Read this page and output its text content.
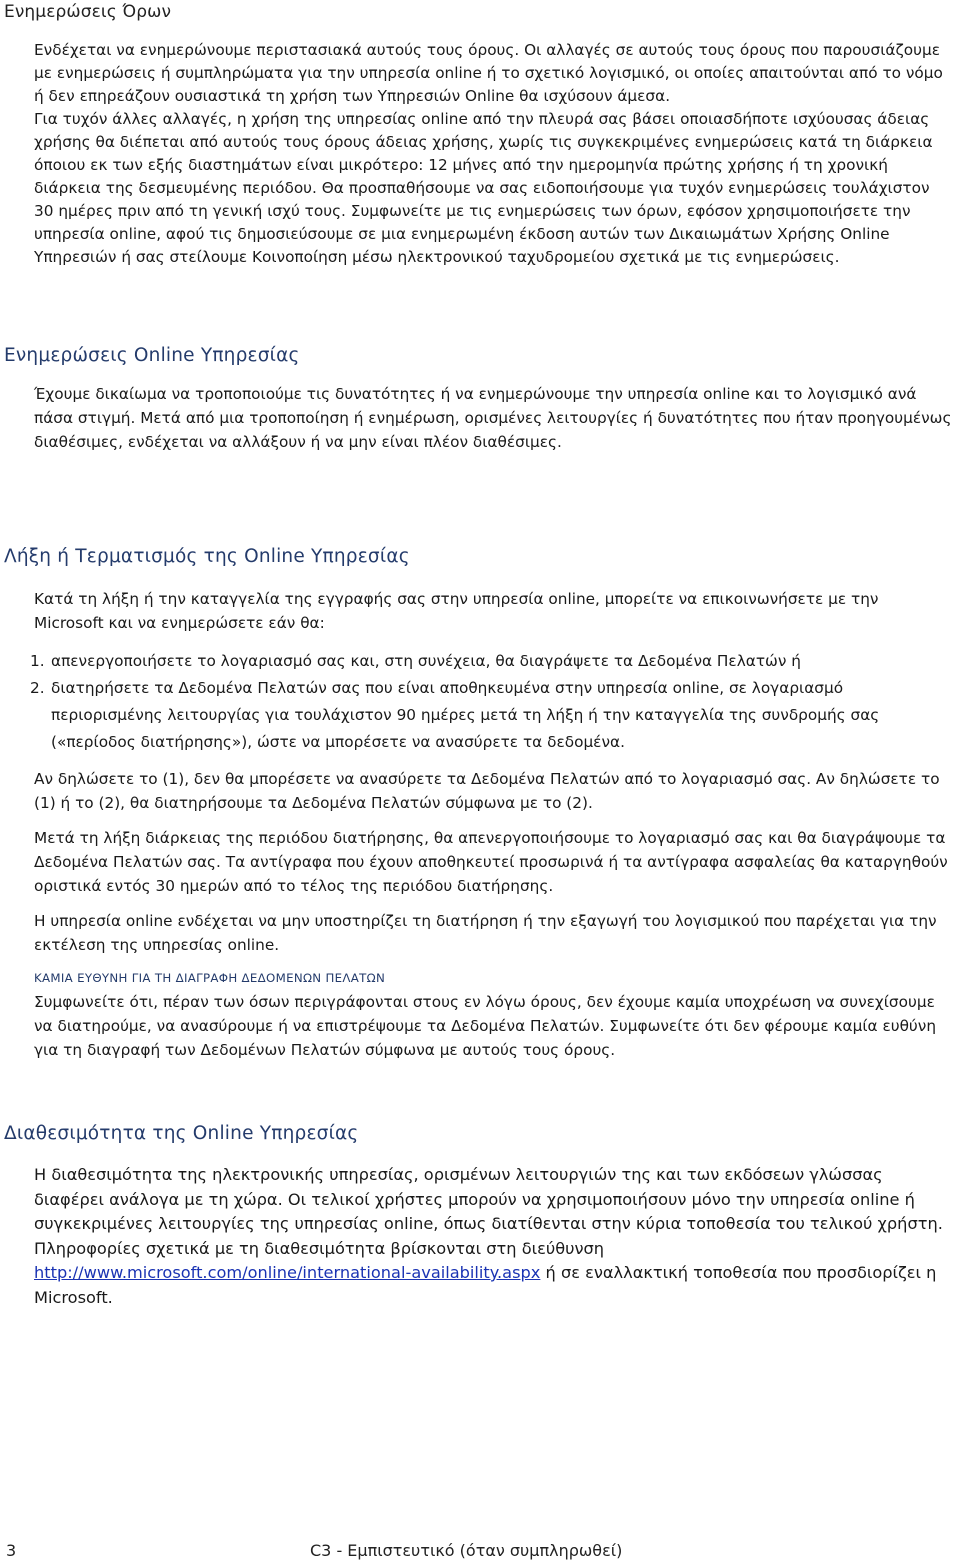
Ενημερώσεις Όρων

Ενδέχεται να ενημερώνουμε περιστασιακά αυτούς τους όρους. Οι αλλαγές σε αυτούς τους όρους που παρουσιάζουμε με ενημερώσεις ή συμπληρώματα για την υπηρεσία online ή το σχετικό λογισμικό, οι οποίες απαιτούνται από το νόμο ή δεν επηρεάζουν ουσιαστικά τη χρήση των Υπηρεσιών Online θα ισχύσουν άμεσα.

Για τυχόν άλλες αλλαγές, η χρήση της υπηρεσίας online από την πλευρά σας βάσει οποιασδήποτε ισχύουσας άδειας χρήσης θα διέπεται από αυτούς τους όρους άδειας χρήσης, χωρίς τις συγκεκριμένες ενημερώσεις κατά τη διάρκεια όποιου εκ των εξής διαστημάτων είναι μικρότερο: 12 μήνες από την ημερομηνία πρώτης χρήσης ή τη χρονική διάρκεια της δεσμευμένης περιόδου. Θα προσπαθήσουμε να σας ειδοποιήσουμε για τυχόν ενημερώσεις τουλάχιστον 30 ημέρες πριν από τη γενική ισχύ τους. Συμφωνείτε με τις ενημερώσεις των όρων, εφόσον χρησιμοποιήσετε την υπηρεσία online, αφού τις δημοσιεύσουμε σε μια ενημερωμένη έκδοση αυτών των Δικαιωμάτων Χρήσης Online Υπηρεσιών ή σας στείλουμε Κοινοποίηση μέσω ηλεκτρονικού ταχυδρομείου σχετικά με τις ενημερώσεις.

Ενημερώσεις Online Υπηρεσίας

Έχουμε δικαίωμα να τροποποιούμε τις δυνατότητες ή να ενημερώνουμε την υπηρεσία online και το λογισμικό ανά πάσα στιγμή. Μετά από μια τροποποίηση ή ενημέρωση, ορισμένες λειτουργίες ή δυνατότητες που ήταν προηγουμένως διαθέσιμες, ενδέχεται να αλλάξουν ή να μην είναι πλέον διαθέσιμες.

Λήξη ή Τερματισμός της Online Υπηρεσίας

Κατά τη λήξη ή την καταγγελία της εγγραφής σας στην υπηρεσία online, μπορείτε να επικοινωνήσετε με την Microsoft και να ενημερώσετε εάν θα:

1. απενεργοποιήσετε το λογαριασμό σας και, στη συνέχεια, θα διαγράψετε τα Δεδομένα Πελατών ή
2. διατηρήσετε τα Δεδομένα Πελατών σας που είναι αποθηκευμένα στην υπηρεσία online, σε λογαριασμό περιορισμένης λειτουργίας για τουλάχιστον 90 ημέρες μετά τη λήξη ή την καταγγελία της συνδρομής σας («περίοδος διατήρησης»), ώστε να μπορέσετε να ανασύρετε τα δεδομένα.

Αν δηλώσετε το (1), δεν θα μπορέσετε να ανασύρετε τα Δεδομένα Πελατών από το λογαριασμό σας. Αν δηλώσετε το (1) ή το (2), θα διατηρήσουμε τα Δεδομένα Πελατών σύμφωνα με το (2).

Μετά τη λήξη διάρκειας της περιόδου διατήρησης, θα απενεργοποιήσουμε το λογαριασμό σας και θα διαγράψουμε τα Δεδομένα Πελατών σας. Τα αντίγραφα που έχουν αποθηκευτεί προσωρινά ή τα αντίγραφα ασφαλείας θα καταργηθούν οριστικά εντός 30 ημερών από το τέλος της περιόδου διατήρησης.

Η υπηρεσία online ενδέχεται να μην υποστηρίζει τη διατήρηση ή την εξαγωγή του λογισμικού που παρέχεται για την εκτέλεση της υπηρεσίας online.

ΚΑΜΙΑ ΕΥΘΥΝΗ ΓΙΑ ΤΗ ΔΙΑΓΡΑΦΗ ΔΕΔΟΜΕΝΩΝ ΠΕΛΑΤΩΝ

Συμφωνείτε ότι, πέραν των όσων περιγράφονται στους εν λόγω όρους, δεν έχουμε καμία υποχρέωση να συνεχίσουμε να διατηρούμε, να ανασύρουμε ή να επιστρέψουμε τα Δεδομένα Πελατών. Συμφωνείτε ότι δεν φέρουμε καμία ευθύνη για τη διαγραφή των Δεδομένων Πελατών σύμφωνα με αυτούς τους όρους.

Διαθεσιμότητα της Online Υπηρεσίας

Η διαθεσιμότητα της ηλεκτρονικής υπηρεσίας, ορισμένων λειτουργιών της και των εκδόσεων γλώσσας διαφέρει ανάλογα με τη χώρα. Οι τελικοί χρήστες μπορούν να χρησιμοποιήσουν μόνο την υπηρεσία online ή συγκεκριμένες λειτουργίες της υπηρεσίας online, όπως διατίθενται στην κύρια τοποθεσία του τελικού χρήστη. Πληροφορίες σχετικά με τη διαθεσιμότητα βρίσκονται στη διεύθυνση http://www.microsoft.com/online/international-availability.aspx ή σε εναλλακτική τοποθεσία που προσδιορίζει η Microsoft.

3	C3 - Εμπιστευτικό (όταν συμπληρωθεί)
